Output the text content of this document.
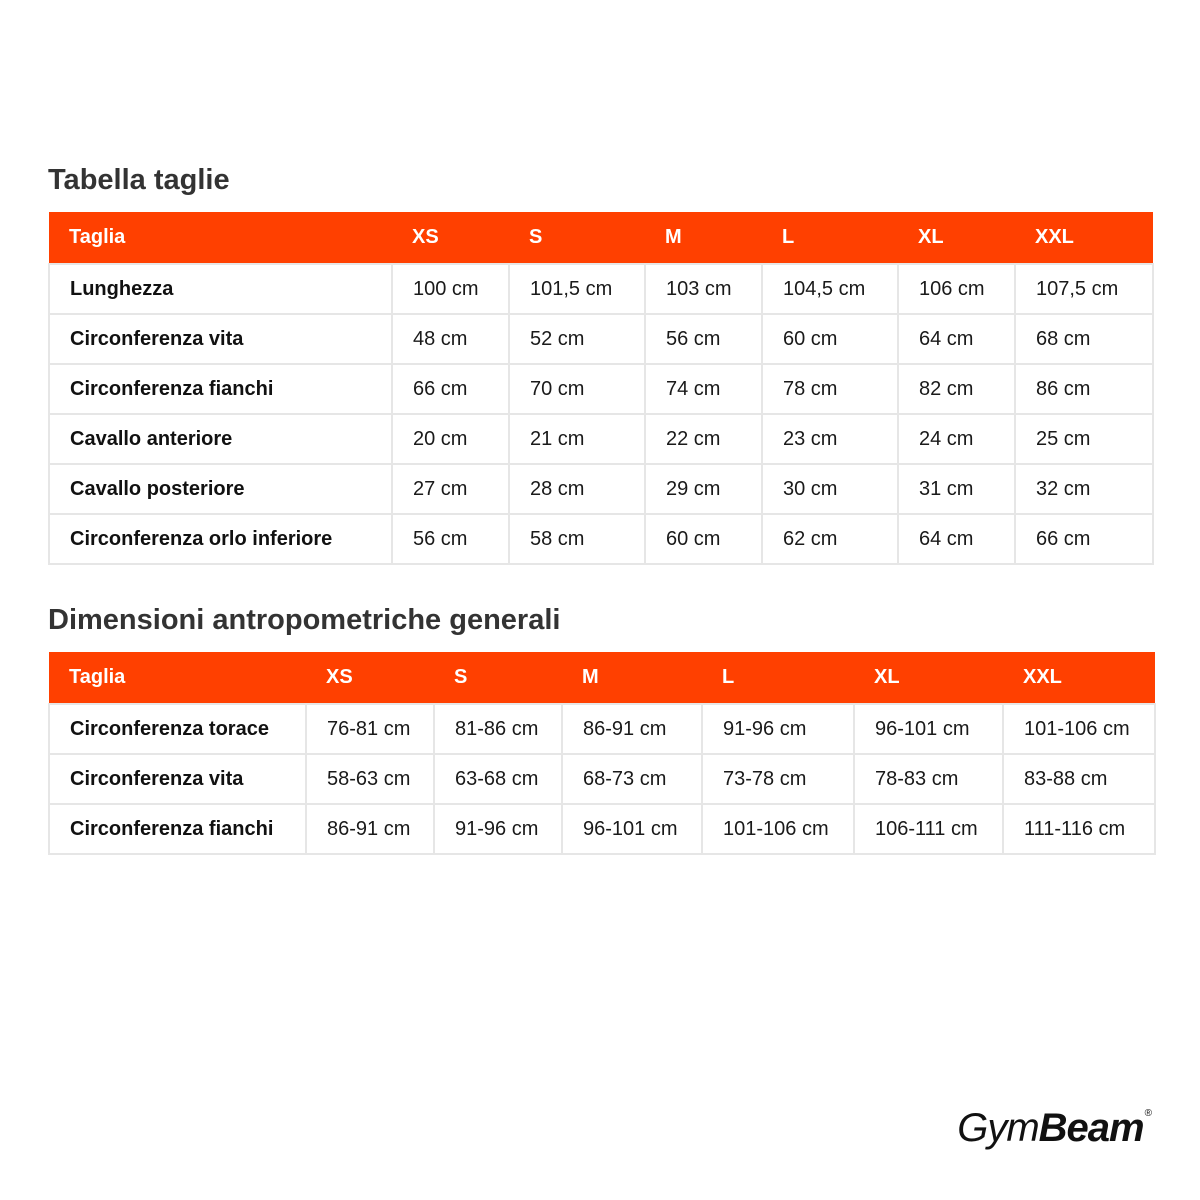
Tabella taglie
Taglia	XS	S	M	L	XL	XXL
Lunghezza	100 cm	101,5 cm	103 cm	104,5 cm	106 cm	107,5 cm
Circonferenza vita	48 cm	52 cm	56 cm	60 cm	64 cm	68 cm
Circonferenza fianchi	66 cm	70 cm	74 cm	78 cm	82 cm	86 cm
Cavallo anteriore	20 cm	21 cm	22 cm	23 cm	24 cm	25 cm
Cavallo posteriore	27 cm	28 cm	29 cm	30 cm	31 cm	32 cm
Circonferenza orlo inferiore	56 cm	58 cm	60 cm	62 cm	64 cm	66 cm
Dimensioni antropometriche generali
Taglia	XS	S	M	L	XL	XXL
Circonferenza torace	76-81 cm	81-86 cm	86-91 cm	91-96 cm	96-101 cm	101-106 cm
Circonferenza vita	58-63 cm	63-68 cm	68-73 cm	73-78 cm	78-83 cm	83-88 cm
Circonferenza fianchi	86-91 cm	91-96 cm	96-101 cm	101-106 cm	106-111 cm	111-116 cm
GymBeam ®
